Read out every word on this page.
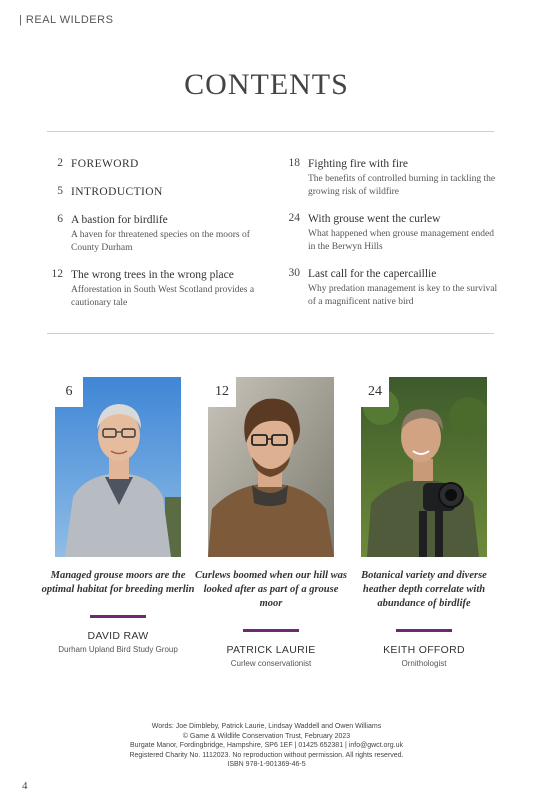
| REAL WILDERS
CONTENTS
2 FOREWORD
5 INTRODUCTION
6 A bastion for birdlife
A haven for threatened species on the moors of County Durham
12 The wrong trees in the wrong place
Afforestation in South West Scotland provides a cautionary tale
18 Fighting fire with fire
The benefits of controlled burning in tackling the growing risk of wildfire
24 With grouse went the curlew
What happened when grouse management ended in the Berwyn Hills
30 Last call for the capercaillie
Why predation management is key to the survival of a magnificent native bird
6
Managed grouse moors are the optimal habitat for breeding merlin
DAVID RAW
Durham Upland Bird Study Group
12
Curlews boomed when our hill was looked after as part of a grouse moor
PATRICK LAURIE
Curlew conservationist
24
Botanical variety and diverse heather depth correlate with abundance of birdlife
KEITH OFFORD
Ornithologist
Words: Joe Dimbleby, Patrick Laurie, Lindsay Waddell and Owen Williams
© Game & Wildlife Conservation Trust, February 2023
Burgate Manor, Fordingbridge, Hampshire, SP6 1EF | 01425 652381 | info@gwct.org.uk
Registered Charity No. 1112023. No reproduction without permission. All rights reserved.
ISBN 978-1-901369-46-5
4
